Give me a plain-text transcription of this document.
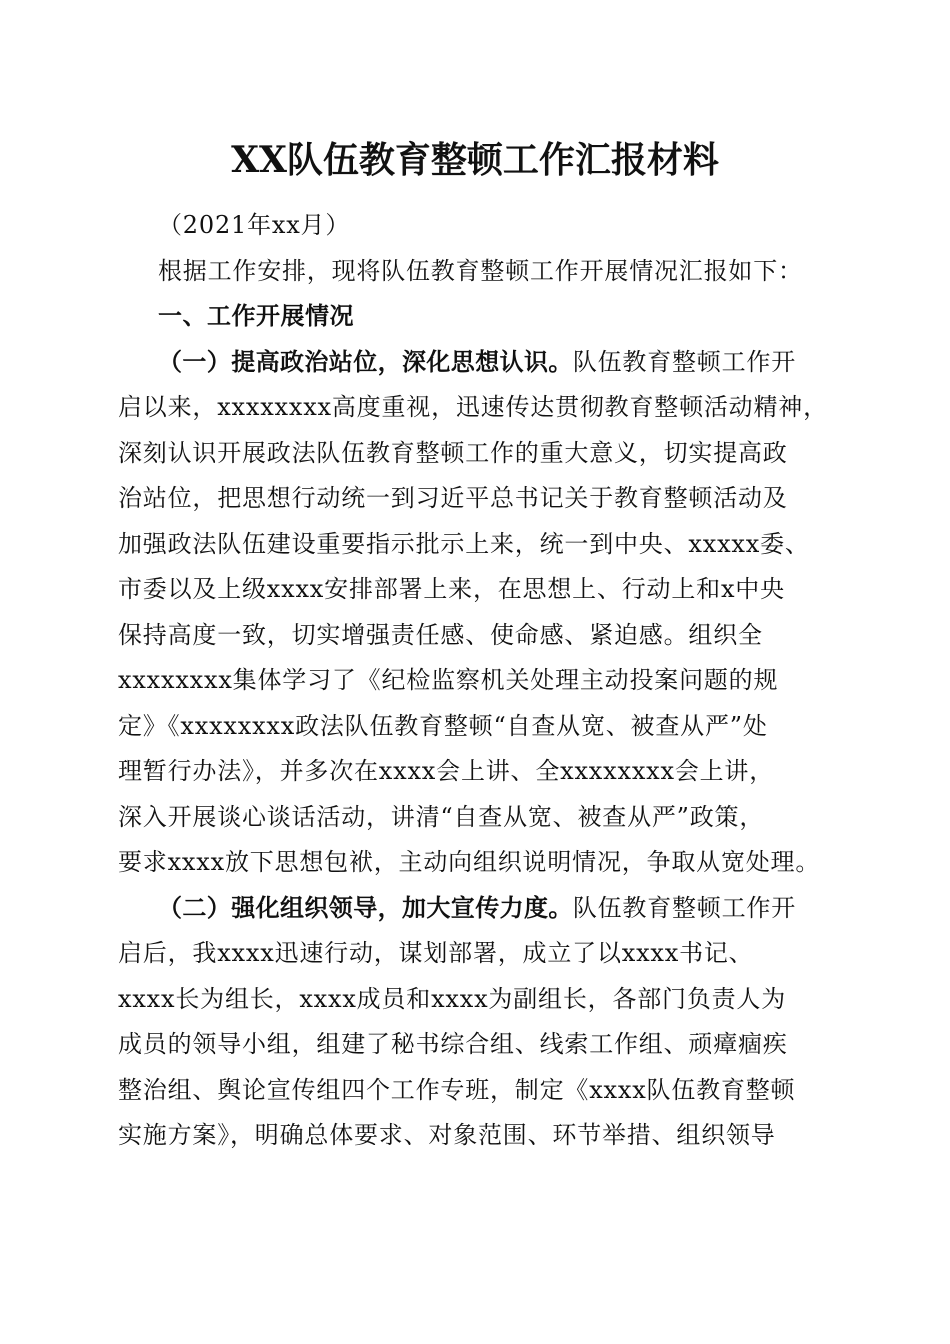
XX队伍教育整顿工作汇报材料
（2021年xx月）
根据工作安排，现将队伍教育整顿工作开展情况汇报如下：
一、工作开展情况
（一）提高政治站位，深化思想认识。队伍教育整顿工作开
启以来，xxxxxxxx高度重视，迅速传达贯彻教育整顿活动精神，
深刻认识开展政法队伍教育整顿工作的重大意义，切实提高政
治站位，把思想行动统一到习近平总书记关于教育整顿活动及
加强政法队伍建设重要指示批示上来，统一到中央、xxxxx委、
市委以及上级xxxx安排部署上来，在思想上、行动上和x中央
保持高度一致，切实增强责任感、使命感、紧迫感。组织全
xxxxxxxx集体学习了《纪检监察机关处理主动投案问题的规
定》《xxxxxxxx政法队伍教育整顿“自查从宽、被查从严”处
理暂行办法》，并多次在xxxx会上讲、全xxxxxxxx会上讲，
深入开展谈心谈话活动，讲清“自查从宽、被查从严”政策，
要求xxxx放下思想包袱，主动向组织说明情况，争取从宽处理。
（二）强化组织领导，加大宣传力度。队伍教育整顿工作开
启后，我xxxx迅速行动，谋划部署，成立了以xxxx书记、
xxxx长为组长，xxxx成员和xxxx为副组长，各部门负责人为
成员的领导小组，组建了秘书综合组、线索工作组、顽瘴痼疾
整治组、舆论宣传组四个工作专班，制定《xxxx队伍教育整顿
实施方案》，明确总体要求、对象范围、环节举措、组织领导
